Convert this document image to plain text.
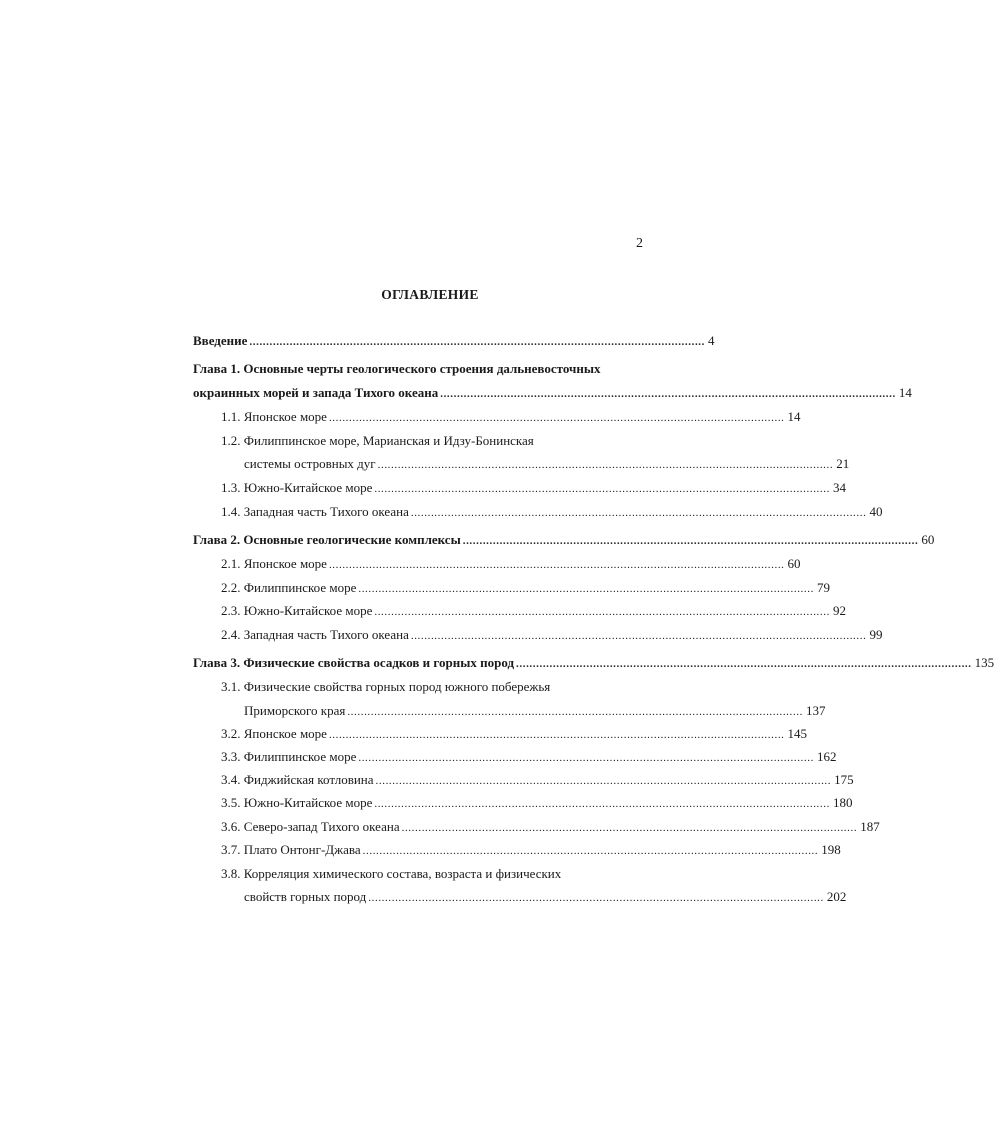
2
ОГЛАВЛЕНИЕ
Введение ........................................................................................................................................ 4
Глава 1. Основные черты геологического строения дальневосточных
окраинных морей и запада Тихого океана ........................................................................................................................................ 14
1.1. Японское море ........................................................................................................................................ 14
1.2. Филиппинское море, Марианская и Идзу-Бонинская
системы островных дуг ........................................................................................................................................ 21
1.3. Южно-Китайское море ........................................................................................................................................ 34
1.4. Западная часть Тихого океана ........................................................................................................................................ 40
Глава 2. Основные геологические комплексы ........................................................................................................................................ 60
2.1. Японское море ........................................................................................................................................ 60
2.2. Филиппинское море ........................................................................................................................................ 79
2.3. Южно-Китайское море ........................................................................................................................................ 92
2.4. Западная часть Тихого океана ........................................................................................................................................ 99
Глава 3. Физические свойства осадков и горных пород ........................................................................................................................................ 135
3.1. Физические свойства горных пород южного побережья
Приморского края ........................................................................................................................................ 137
3.2. Японское море ........................................................................................................................................ 145
3.3. Филиппинское море ........................................................................................................................................ 162
3.4. Фиджийская котловина ........................................................................................................................................ 175
3.5. Южно-Китайское море ........................................................................................................................................ 180
3.6. Северо-запад Тихого океана ........................................................................................................................................ 187
3.7. Плато Онтонг-Джава ........................................................................................................................................ 198
3.8. Корреляция химического состава, возраста и физических
свойств горных пород ........................................................................................................................................ 202
